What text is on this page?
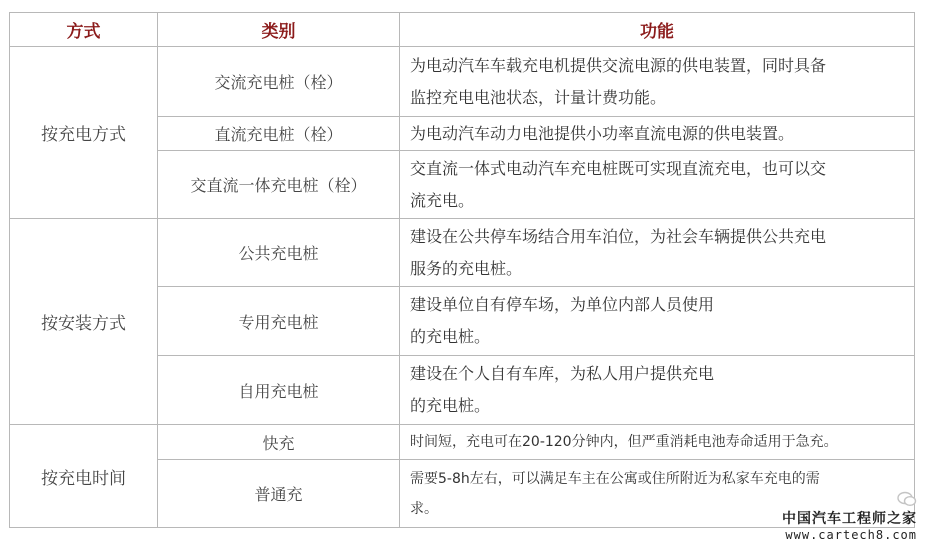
方式	类别	功能
按充电方式	交流充电桩（栓）	为电动汽车车载充电机提供交流电源的供电装置，同时具备
监控充电电池状态，计量计费功能。
	直流充电桩（栓）	为电动汽车动力电池提供小功率直流电源的供电装置。
	交直流一体充电桩（栓）	交直流一体式电动汽车充电桩既可实现直流充电，也可以交
流充电。
按安装方式	公共充电桩	建设在公共停车场结合用车泊位，为社会车辆提供公共充电
服务的充电桩。
	专用充电桩	建设单位自有停车场，为单位内部人员使用
的充电桩。
	自用充电桩	建设在个人自有车库，为私人用户提供充电
的充电桩。
按充电时间	快充	时间短，充电可在20-120分钟内，但严重消耗电池寿命适用于急充。
	普通充	需要5-8h左右，可以满足车主在公寓或住所附近为私家车充电的需
求。
中国汽车工程师之家
www.cartech8.com
